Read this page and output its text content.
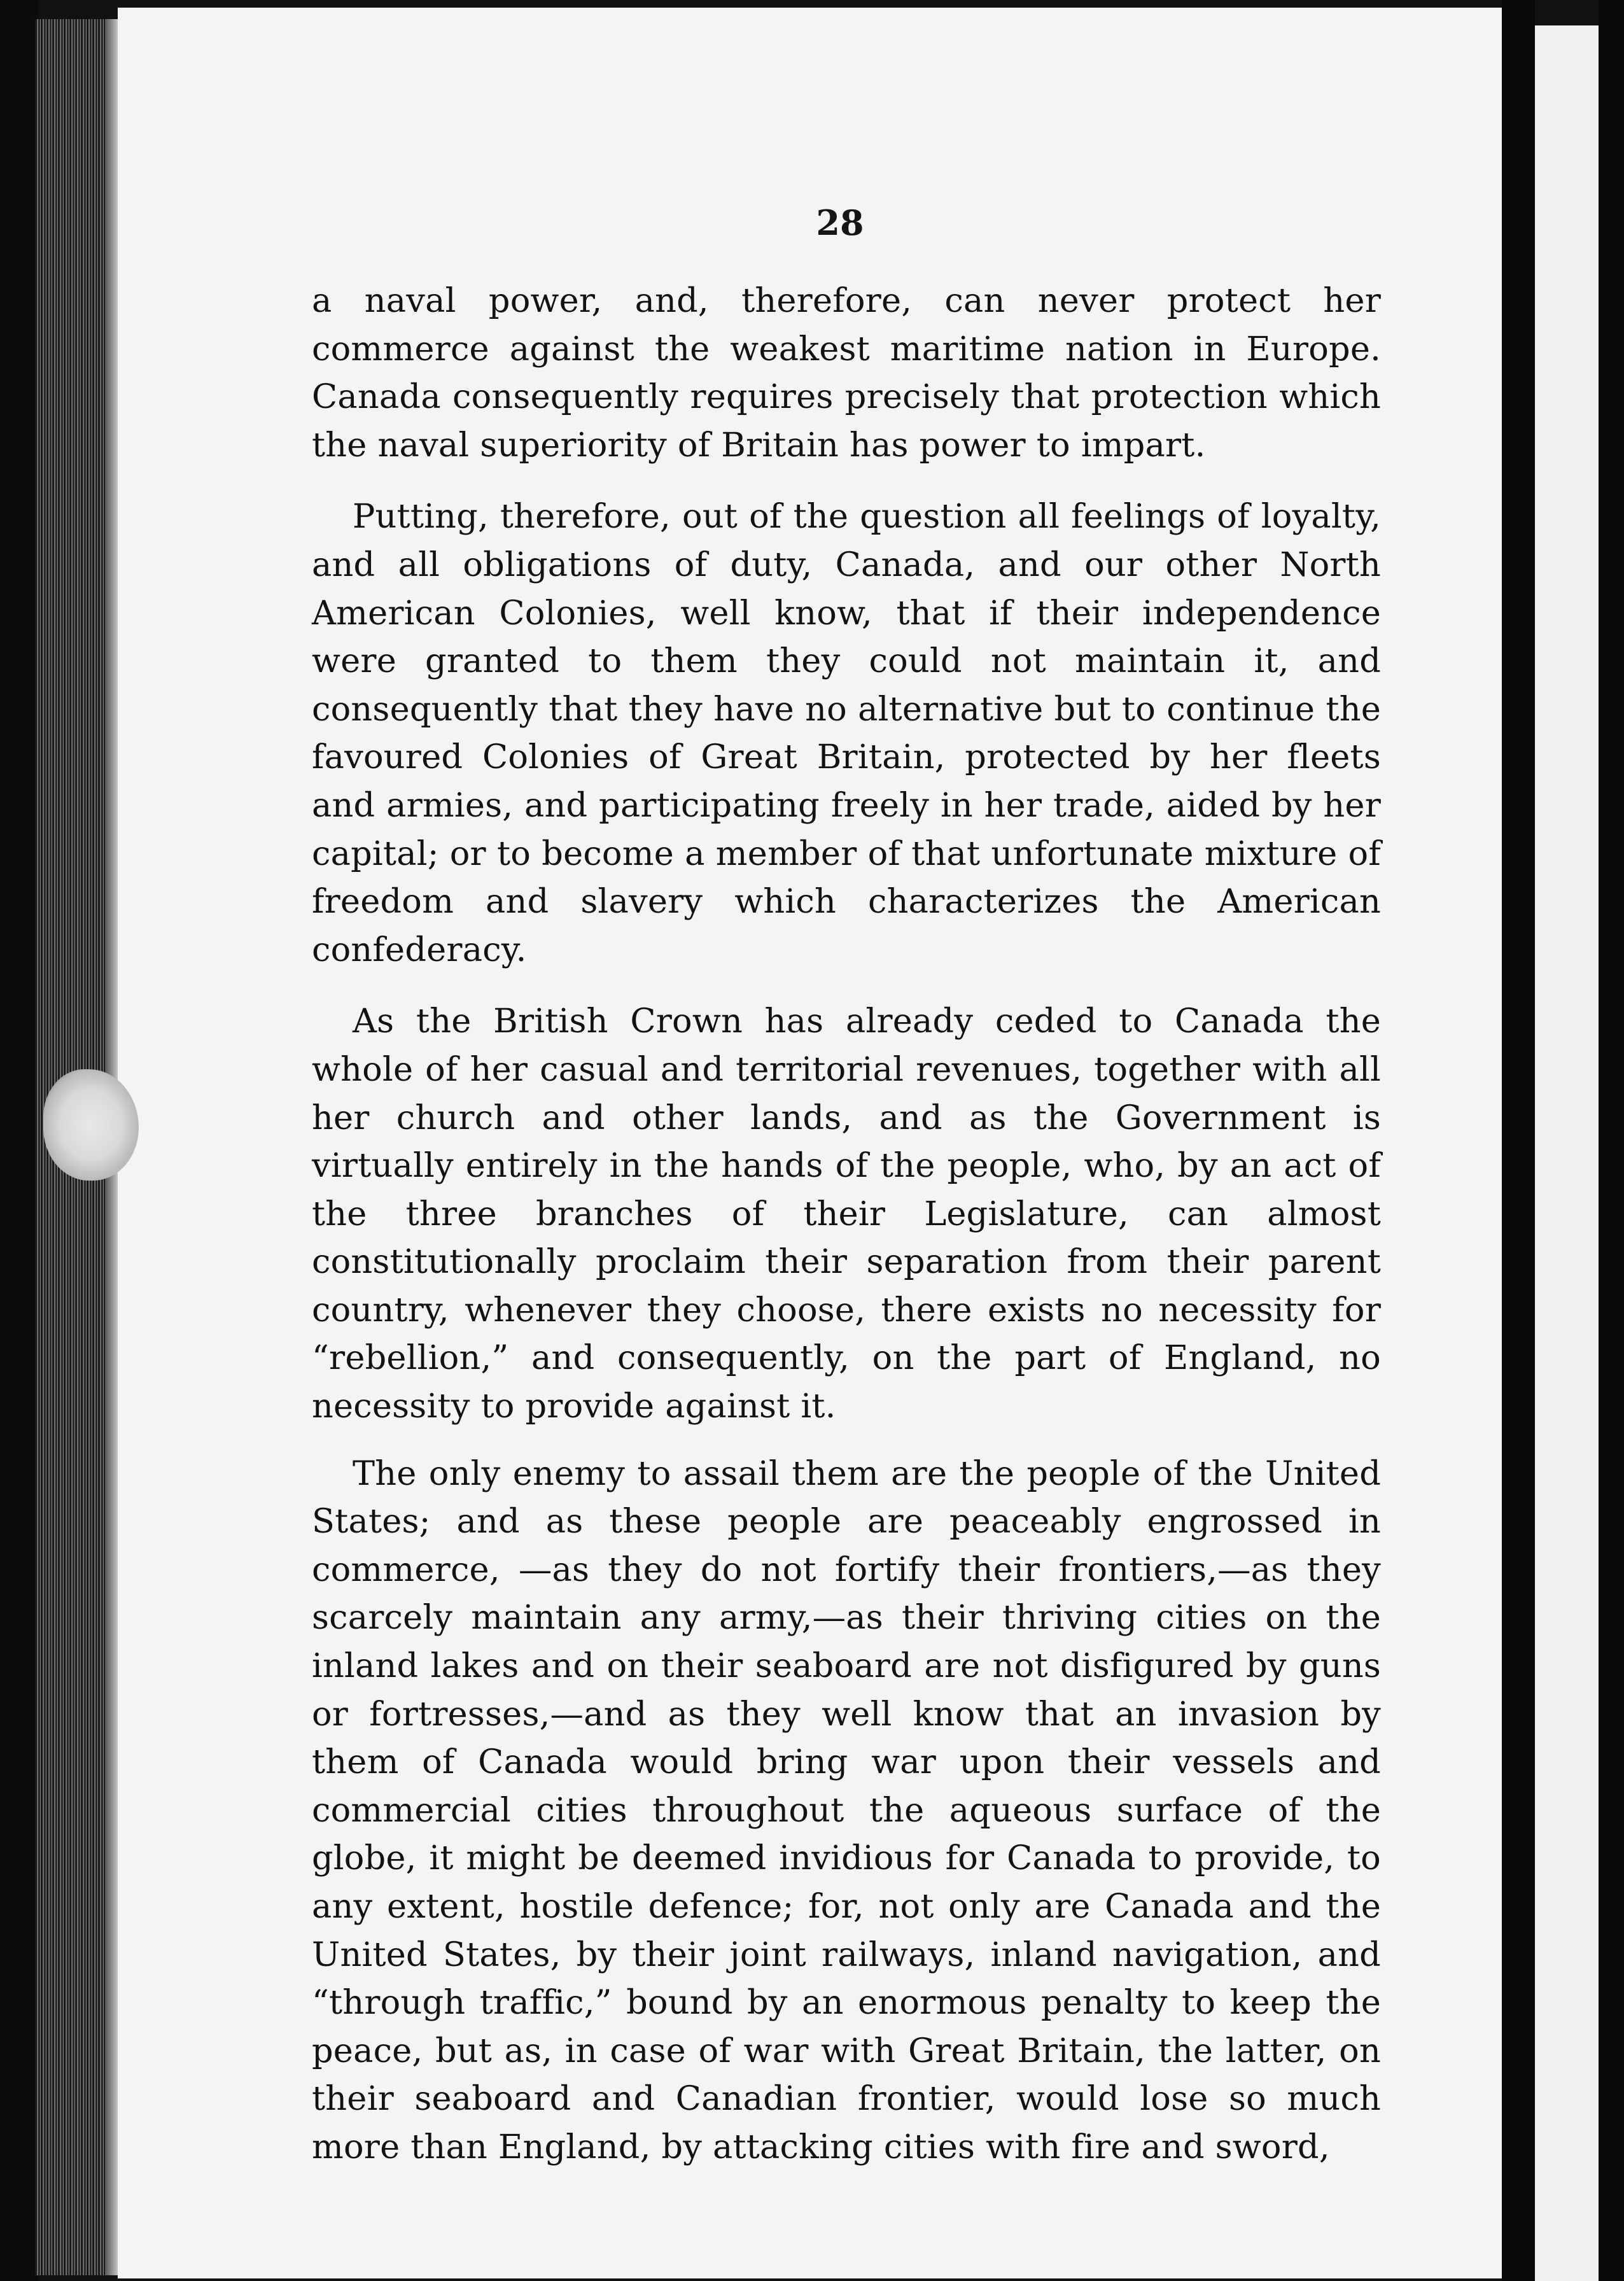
28

a naval power, and, therefore, can never protect her commerce against the weakest maritime nation in Europe. Canada consequently requires precisely that protection which the naval superiority of Britain has power to impart.

Putting, therefore, out of the question all feelings of loyalty, and all obligations of duty, Canada, and our other North American Colonies, well know, that if their independence were granted to them they could not maintain it, and consequently that they have no alternative but to continue the favoured Colonies of Great Britain, protected by her fleets and armies, and participating freely in her trade, aided by her capital; or to become a member of that unfortunate mixture of freedom and slavery which characterizes the American confederacy.

As the British Crown has already ceded to Canada the whole of her casual and territorial revenues, together with all her church and other lands, and as the Government is virtually entirely in the hands of the people, who, by an act of the three branches of their Legislature, can almost constitutionally proclaim their separation from their parent country, whenever they choose, there exists no necessity for “rebellion,” and consequently, on the part of England, no necessity to provide against it.

The only enemy to assail them are the people of the United States; and as these people are peaceably engrossed in commerce, —as they do not fortify their frontiers,—as they scarcely maintain any army,—as their thriving cities on the inland lakes and on their seaboard are not disfigured by guns or fortresses,—and as they well know that an invasion by them of Canada would bring war upon their vessels and commercial cities throughout the aqueous surface of the globe, it might be deemed invidious for Canada to provide, to any extent, hostile defence; for, not only are Canada and the United States, by their joint railways, inland navigation, and “through traffic,” bound by an enormous penalty to keep the peace, but as, in case of war with Great Britain, the latter, on their seaboard and Canadian frontier, would lose so much more than England, by attacking cities with fire and sword,
